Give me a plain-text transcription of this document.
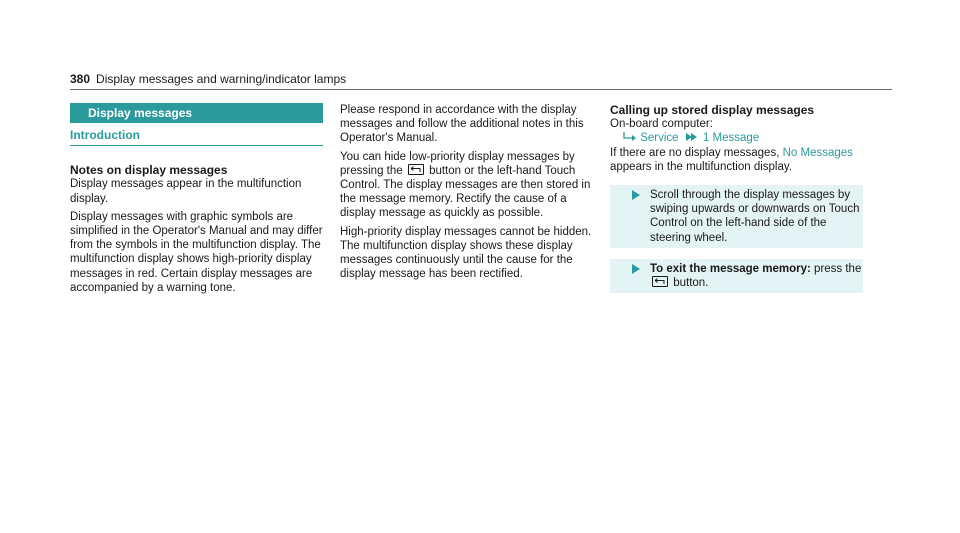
380 Display messages and warning/indicator lamps
Display messages
Introduction
Notes on display messages

Display messages appear in the multifunction display.

Display messages with graphic symbols are simplified in the Operator's Manual and may differ from the symbols in the multifunction display. The multifunction display shows high-priority display messages in red. Certain display messages are accompanied by a warning tone.

Please respond in accordance with the display messages and follow the additional notes in this Operator's Manual.

You can hide low-priority display messages by pressing the button or the left-hand Touch Control. The display messages are then stored in the message memory. Rectify the cause of a display message as quickly as possible.

High-priority display messages cannot be hidden. The multifunction display shows these display messages continuously until the cause for the display message has been rectified.

Calling up stored display messages
On-board computer:
Service 1 Message

If there are no display messages, No Messages appears in the multifunction display.

Scroll through the display messages by swiping upwards or downwards on Touch Control on the left-hand side of the steering wheel.
To exit the message memory: press the

button.
